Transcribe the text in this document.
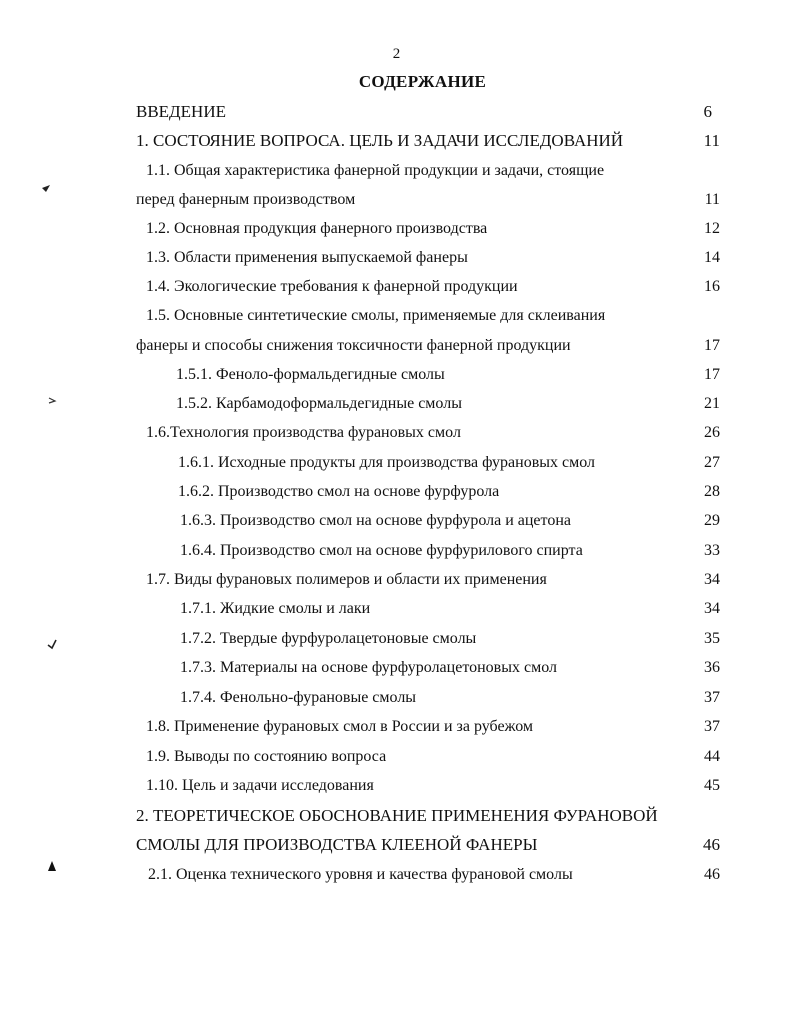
2
СОДЕРЖАНИЕ
ВВЕДЕНИЕ	6
1. СОСТОЯНИЕ ВОПРОСА. ЦЕЛЬ И ЗАДАЧИ ИССЛЕДОВАНИЙ	11
1.1. Общая характеристика фанерной продукции и задачи, стоящие
перед фанерным производством	11
1.2. Основная продукция фанерного производства	12
1.3. Области применения выпускаемой фанеры	14
1.4. Экологические требования к фанерной продукции	16
1.5. Основные синтетические смолы, применяемые для склеивания
фанеры и способы снижения токсичности фанерной продукции	17
1.5.1. Феноло-формальдегидные смолы	17
1.5.2. Карбамодоформальдегидные смолы	21
1.6.Технология производства фурановых смол	26
1.6.1. Исходные продукты для производства фурановых смол	27
1.6.2. Производство смол на основе фурфурола	28
1.6.3. Производство смол на основе фурфурола и ацетона	29
1.6.4. Производство смол на основе фурфурилового спирта	33
1.7. Виды фурановых полимеров и области их применения	34
1.7.1. Жидкие смолы и лаки	34
1.7.2. Твердые фурфуролацетоновые смолы	35
1.7.3. Материалы на основе фурфуролацетоновых смол	36
1.7.4. Фенольно-фурановые смолы	37
1.8. Применение фурановых смол в России и за рубежом	37
1.9. Выводы по состоянию вопроса	44
1.10. Цель и задачи исследования	45
2. ТЕОРЕТИЧЕСКОЕ ОБОСНОВАНИЕ ПРИМЕНЕНИЯ ФУРАНОВОЙ
СМОЛЫ ДЛЯ ПРОИЗВОДСТВА КЛЕЕНОЙ ФАНЕРЫ	46
2.1. Оценка технического уровня и качества фурановой смолы	46
